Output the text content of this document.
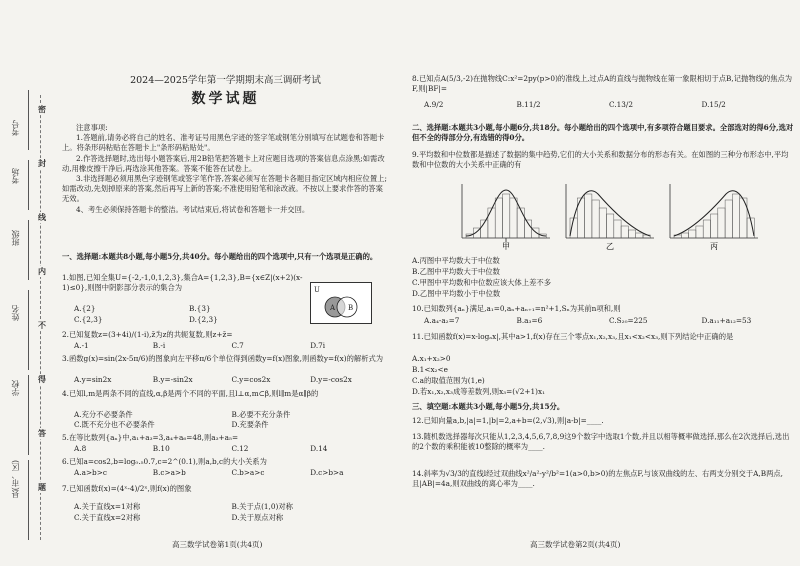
密
封
线
内
不
得
答
题
考号
考场
班级
姓名
学校
县(市、区)
2024—2025学年第一学期期末高三调研考试
数学试题
注意事项:

1.答题前,请务必将自己的姓名、准考证号用黑色字迹的签字笔或钢笔分别填写在试题卷和答题卡上。将条形码粘贴在答题卡上"条形码粘贴处"。

2.作答选择题时,选出每小题答案后,用2B铅笔把答题卡上对应题目选项的答案信息点涂黑;如需改动,用橡皮擦干净后,再选涂其他答案。答案不能答在试卷上。

3.非选择题必须用黑色字迹钢笔或签字笔作答,答案必须写在答题卡各题目指定区域内相应位置上;如需改动,先划掉原来的答案,然后再写上新的答案;不准使用铅笔和涂改液。不按以上要求作答的答案无效。

4、考生必须保持答题卡的整洁。考试结束后,将试卷和答题卡一并交回。

一、选择题:本题共8小题,每小题5分,共40分。每小题给出的四个选项中,只有一个选项是正确的。
1.如图,已知全集U={-2,-1,0,1,2,3},集合A={1,2,3},B={x∈Z|(x+2)(x-1)≤0},则图中阴影部分表示的集合为
A.{2}	B.{3}
C.{2,3}	D.{2,3}
U
A B
2.已知复数z=(3+4i)/(1-i),z̄为z的共轭复数,则z+z̄=
A.-1	B.-i	C.7	D.7i
3.函数g(x)=sin(2x-5π/6)的图象向左平移π/6个单位得到函数y=f(x)图象,则函数y=f(x)的解析式为
A.y=sin2x	B.y=-sin2x	C.y=cos2x	D.y=-cos2x
4.已知l,m是两条不同的直线,α,β是两个不同的平面,且l⊥α,m⊂β,则l∥m是α∥β的
A.充分不必要条件	B.必要不充分条件
C.既不充分也不必要条件	D.充要条件
5.在等比数列{aₙ}中,a₁+a₃=3,a₄+a₆=48,则a₃+a₅=
A.8	B.10	C.12	D.14
6.已知a=cos2,b=log₀.₅0.7,c=2^(0.1),则a,b,c的大小关系为
A.a>b>c	B.c>a>b	C.b>a>c	D.c>b>a
7.已知函数f(x)=(4ˣ-4)/2ˣ,则f(x)的图象
A.关于直线x=1对称	B.关于点(1,0)对称
C.关于直线x=2对称	D.关于原点对称
高三数学试卷第1页(共4页)
8.已知点A(5/3,-2)在抛物线C:x²=2py(p>0)的准线上,过点A的直线与抛物线在第一象限相切于点B,记抛物线的焦点为F,则|BF|=
A.9/2	B.11/2	C.13/2	D.15/2
二、选择题:本题共3小题,每小题6分,共18分。每小题给出的四个选项中,有多项符合题目要求。全部选对的得6分,选对但不全的得部分分,有选错的得0分。
9.平均数和中位数都是描述了数据的集中趋势,它们的大小关系和数据分布的形态有关。在如图的三种分布形态中,平均数和中位数的大小关系中正确的有
甲	乙	丙
A.丙图中平均数大于中位数
B.乙图中平均数大于中位数
C.甲图中平均数和中位数应该大体上差不多
D.乙图中平均数小于中位数
10.已知数列{aₙ}满足,a₁=0,aₙ+aₙ₊₁=n²+1,Sₙ为其前n项和,则
A.a₄-a₂=7	B.a₃=6	C.S₂₀=225	D.a₁₁+a₁₂=53
11.已知函数f(x)=x-logₐx|,其中a>1,f(x)存在三个零点x₁,x₂,x₃,且x₁<x₂<x₃,则下列结论中正确的是
A.x₁+x₂>0
B.1<x₂<e
C.a的取值范围为(1,e)
D.若x₁,x₂,x₃成等差数列,则x₃=(√2+1)x₁
三、填空题:本题共3小题,每小题5分,共15分。
12.已知向量a,b,|a|=1,|b|=2,a+b=(2,√3),则|a-b|=____.
13.随机数选择器每次只能从1,2,3,4,5,6,7,8,9这9个数字中选取1个数,并且以相等概率做选择,那么在2次选择后,选出的2个数的乘积能被10整除的概率为____.
14.斜率为√3/3的直线l经过双曲线x²/a²-y²/b²=1(a>0,b>0)的左焦点F,与该双曲线的左、右两支分别交于A,B两点,且|AB|=4a,则双曲线的离心率为____.
高三数学试卷第2页(共4页)
